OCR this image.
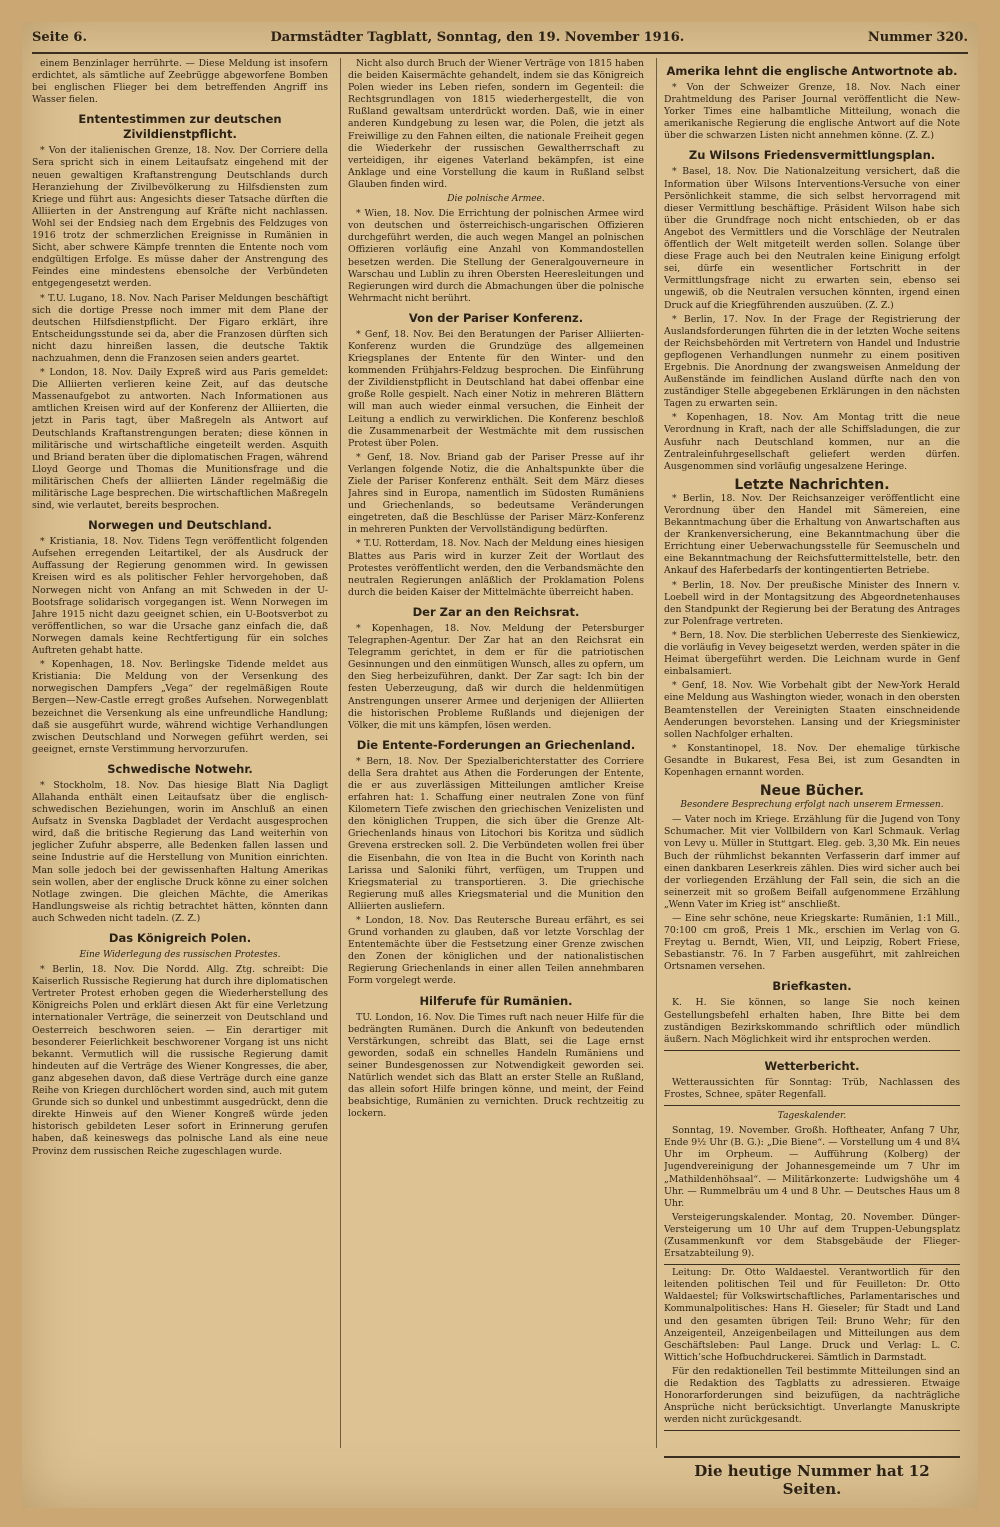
Seite 6.	Darmstädter Tagblatt, Sonntag, den 19. November 1916.	Nummer 320.

einem Benzinlager herrührte. — Diese Meldung ist insofern erdichtet, als sämtliche auf Zeebrügge abgeworfene Bomben bei englischen Flieger bei dem betreffenden Angriff ins Wasser fielen.

Ententestimmen zur deutschen Zivildienstpflicht.

* Von der italienischen Grenze, 18. Nov. Der Corriere della Sera spricht sich in einem Leitaufsatz eingehend mit der neuen gewaltigen Kraftanstrengung Deutschlands durch Heranziehung der Zivilbevölkerung zu Hilfsdiensten zum Kriege und führt aus: Angesichts dieser Tatsache dürften die Alliierten in der Anstrengung auf Kräfte nicht nachlassen. Wohl sei der Endsieg nach dem Ergebnis des Feldzuges von 1916 trotz der schmerzlichen Ereignisse in Rumänien in Sicht, aber schwere Kämpfe trennten die Entente noch vom endgültigen Erfolge. Es müsse daher der Anstrengung des Feindes eine mindestens ebensolche der Verbündeten entgegengesetzt werden.

* T.U. Lugano, 18. Nov. Nach Pariser Meldungen beschäftigt sich die dortige Presse noch immer mit dem Plane der deutschen Hilfsdienstpflicht. Der Figaro erklärt, ihre Entscheidungsstunde sei da, aber die Franzosen dürften sich nicht dazu hinreißen lassen, die deutsche Taktik nachzuahmen, denn die Franzosen seien anders geartet.

* London, 18. Nov. Daily Expreß wird aus Paris gemeldet: Die Alliierten verlieren keine Zeit, auf das deutsche Massenaufgebot zu antworten. Nach Informationen aus amtlichen Kreisen wird auf der Konferenz der Alliierten, die jetzt in Paris tagt, über Maßregeln als Antwort auf Deutschlands Kraftanstrengungen beraten; diese können in militärische und wirtschaftliche eingeteilt werden. Asquith und Briand beraten über die diplomatischen Fragen, während Lloyd George und Thomas die Munitionsfrage und die militärischen Chefs der alliierten Länder regelmäßig die militärische Lage besprechen. Die wirtschaftlichen Maßregeln sind, wie verlautet, bereits besprochen.

Norwegen und Deutschland.

* Kristiania, 18. Nov. Tidens Tegn veröffentlicht folgenden Aufsehen erregenden Leitartikel, der als Ausdruck der Auffassung der Regierung genommen wird. In gewissen Kreisen wird es als politischer Fehler hervorgehoben, daß Norwegen nicht von Anfang an mit Schweden in der U-Bootsfrage solidarisch vorgegangen ist. Wenn Norwegen im Jahre 1915 nicht dazu geeignet schien, ein U-Bootsverbot zu veröffentlichen, so war die Ursache ganz einfach die, daß Norwegen damals keine Rechtfertigung für ein solches Auftreten gehabt hatte.

* Kopenhagen, 18. Nov. Berlingske Tidende meldet aus Kristiania: Die Meldung von der Versenkung des norwegischen Dampfers „Vega“ der regelmäßigen Route Bergen—New-Castle erregt großes Aufsehen. Norwegenblatt bezeichnet die Versenkung als eine unfreundliche Handlung; daß sie ausgeführt wurde, während wichtige Verhandlungen zwischen Deutschland und Norwegen geführt werden, sei geeignet, ernste Verstimmung hervorzurufen.

Schwedische Notwehr.

* Stockholm, 18. Nov. Das hiesige Blatt Nia Dagligt Allahanda enthält einen Leitaufsatz über die englisch-schwedischen Beziehungen, worin im Anschluß an einen Aufsatz in Svenska Dagbladet der Verdacht ausgesprochen wird, daß die britische Regierung das Land weiterhin von jeglicher Zufuhr absperre, alle Bedenken fallen lassen und seine Industrie auf die Herstellung von Munition einrichten. Man solle jedoch bei der gewissenhaften Haltung Amerikas sein wollen, aber der englische Druck könne zu einer solchen Notlage zwingen. Die gleichen Mächte, die Amerikas Handlungsweise als richtig betrachtet hätten, könnten dann auch Schweden nicht tadeln. (Z. Z.)

Das Königreich Polen.
Eine Widerlegung des russischen Protestes.

* Berlin, 18. Nov. Die Nordd. Allg. Ztg. schreibt: Die Kaiserlich Russische Regierung hat durch ihre diplomatischen Vertreter Protest erhoben gegen die Wiederherstellung des Königreichs Polen und erklärt diesen Akt für eine Verletzung internationaler Verträge, die seinerzeit von Deutschland und Oesterreich beschworen seien. — Ein derartiger mit besonderer Feierlichkeit beschworener Vorgang ist uns nicht bekannt. Vermutlich will die russische Regierung damit hindeuten auf die Verträge des Wiener Kongresses, die aber, ganz abgesehen davon, daß diese Verträge durch eine ganze Reihe von Kriegen durchlöchert worden sind, auch mit gutem Grunde sich so dunkel und unbestimmt ausgedrückt, denn die direkte Hinweis auf den Wiener Kongreß würde jeden historisch gebildeten Leser sofort in Erinnerung gerufen haben, daß keineswegs das polnische Land als eine neue Provinz dem russischen Reiche zugeschlagen wurde.

Nicht also durch Bruch der Wiener Verträge von 1815 haben die beiden Kaisermächte gehandelt, indem sie das Königreich Polen wieder ins Leben riefen, sondern im Gegenteil: die Rechtsgrundlagen von 1815 wiederhergestellt, die von Rußland gewaltsam unterdrückt worden. Daß, wie in einer anderen Kundgebung zu lesen war, die Polen, die jetzt als Freiwillige zu den Fahnen eilten, die nationale Freiheit gegen die Wiederkehr der russischen Gewaltherrschaft zu verteidigen, ihr eigenes Vaterland bekämpfen, ist eine Anklage und eine Vorstellung die kaum in Rußland selbst Glauben finden wird.

Die polnische Armee.

* Wien, 18. Nov. Die Errichtung der polnischen Armee wird von deutschen und österreichisch-ungarischen Offizieren durchgeführt werden, die auch wegen Mangel an polnischen Offizieren vorläufig eine Anzahl von Kommandostellen besetzen werden. Die Stellung der Generalgouverneure in Warschau und Lublin zu ihren Obersten Heeresleitungen und Regierungen wird durch die Abmachungen über die polnische Wehrmacht nicht berührt.

Von der Pariser Konferenz.

* Genf, 18. Nov. Bei den Beratungen der Pariser Alliierten-Konferenz wurden die Grundzüge des allgemeinen Kriegsplanes der Entente für den Winter- und den kommenden Frühjahrs-Feldzug besprochen. Die Einführung der Zivildienstpflicht in Deutschland hat dabei offenbar eine große Rolle gespielt. Nach einer Notiz in mehreren Blättern will man auch wieder einmal versuchen, die Einheit der Leitung a endlich zu verwirklichen. Die Konferenz beschloß die Zusammenarbeit der Westmächte mit dem russischen Protest über Polen.

* Genf, 18. Nov. Briand gab der Pariser Presse auf ihr Verlangen folgende Notiz, die die Anhaltspunkte über die Ziele der Pariser Konferenz enthält. Seit dem März dieses Jahres sind in Europa, namentlich im Südosten Rumäniens und Griechenlands, so bedeutsame Veränderungen eingetreten, daß die Beschlüsse der Pariser März-Konferenz in mehreren Punkten der Vervollständigung bedürften.

* T.U. Rotterdam, 18. Nov. Nach der Meldung eines hiesigen Blattes aus Paris wird in kurzer Zeit der Wortlaut des Protestes veröffentlicht werden, den die Verbandsmächte den neutralen Regierungen anläßlich der Proklamation Polens durch die beiden Kaiser der Mittelmächte überreicht haben.

Der Zar an den Reichsrat.

* Kopenhagen, 18. Nov. Meldung der Petersburger Telegraphen-Agentur. Der Zar hat an den Reichsrat ein Telegramm gerichtet, in dem er für die patriotischen Gesinnungen und den einmütigen Wunsch, alles zu opfern, um den Sieg herbeizuführen, dankt. Der Zar sagt: Ich bin der festen Ueberzeugung, daß wir durch die heldenmütigen Anstrengungen unserer Armee und derjenigen der Alliierten die historischen Probleme Rußlands und diejenigen der Völker, die mit uns kämpfen, lösen werden.

Die Entente-Forderungen an Griechenland.

* Bern, 18. Nov. Der Spezialberichterstatter des Corriere della Sera drahtet aus Athen die Forderungen der Entente, die er aus zuverlässigen Mitteilungen amtlicher Kreise erfahren hat: 1. Schaffung einer neutralen Zone von fünf Kilometern Tiefe zwischen den griechischen Venizelisten und den königlichen Truppen, die sich über die Grenze Alt-Griechenlands hinaus von Litochori bis Koritza und südlich Grevena erstrecken soll. 2. Die Verbündeten wollen frei über die Eisenbahn, die von Itea in die Bucht von Korinth nach Larissa und Saloniki führt, verfügen, um Truppen und Kriegsmaterial zu transportieren. 3. Die griechische Regierung muß alles Kriegsmaterial und die Munition den Alliierten ausliefern.

* London, 18. Nov. Das Reutersche Bureau erfährt, es sei Grund vorhanden zu glauben, daß vor letzte Vorschlag der Ententemächte über die Festsetzung einer Grenze zwischen den Zonen der königlichen und der nationalistischen Regierung Griechenlands in einer allen Teilen annehmbaren Form vorgelegt werde.

Hilferufe für Rumänien.

TU. London, 16. Nov. Die Times ruft nach neuer Hilfe für die bedrängten Rumänen. Durch die Ankunft von bedeutenden Verstärkungen, schreibt das Blatt, sei die Lage ernst geworden, sodaß ein schnelles Handeln Rumäniens und seiner Bundesgenossen zur Notwendigkeit geworden sei. Natürlich wendet sich das Blatt an erster Stelle an Rußland, das allein sofort Hilfe bringen könne, und meint, der Feind beabsichtige, Rumänien zu vernichten. Druck rechtzeitig zu lockern.

Amerika lehnt die englische Antwortnote ab.

* Von der Schweizer Grenze, 18. Nov. Nach einer Drahtmeldung des Pariser Journal veröffentlicht die New-Yorker Times eine halbamtliche Mitteilung, wonach die amerikanische Regierung die englische Antwort auf die Note über die schwarzen Listen nicht annehmen könne. (Z. Z.)

Zu Wilsons Friedensvermittlungsplan.

* Basel, 18. Nov. Die Nationalzeitung versichert, daß die Information über Wilsons Interventions-Versuche von einer Persönlichkeit stamme, die sich selbst hervorragend mit dieser Vermittlung beschäftige. Präsident Wilson habe sich über die Grundfrage noch nicht entschieden, ob er das Angebot des Vermittlers und die Vorschläge der Neutralen öffentlich der Welt mitgeteilt werden sollen. Solange über diese Frage auch bei den Neutralen keine Einigung erfolgt sei, dürfe ein wesentlicher Fortschritt in der Vermittlungsfrage nicht zu erwarten sein, ebenso sei ungewiß, ob die Neutralen versuchen könnten, irgend einen Druck auf die Kriegführenden auszuüben. (Z. Z.)

* Berlin, 17. Nov. In der Frage der Registrierung der Auslandsforderungen führten die in der letzten Woche seitens der Reichsbehörden mit Vertretern von Handel und Industrie gepflogenen Verhandlungen nunmehr zu einem positiven Ergebnis. Die Anordnung der zwangsweisen Anmeldung der Außenstände im feindlichen Ausland dürfte nach den von zuständiger Stelle abgegebenen Erklärungen in den nächsten Tagen zu erwarten sein.

* Kopenhagen, 18. Nov. Am Montag tritt die neue Verordnung in Kraft, nach der alle Schiffsladungen, die zur Ausfuhr nach Deutschland kommen, nur an die Zentraleinfuhrgesellschaft geliefert werden dürfen. Ausgenommen sind vorläufig ungesalzene Heringe.

Letzte Nachrichten.

* Berlin, 18. Nov. Der Reichsanzeiger veröffentlicht eine Verordnung über den Handel mit Sämereien, eine Bekanntmachung über die Erhaltung von Anwartschaften aus der Krankenversicherung, eine Bekanntmachung über die Errichtung einer Ueberwachungsstelle für Seemuscheln und eine Bekanntmachung der Reichsfuttermittelstelle, betr. den Ankauf des Haferbedarfs der kontingentierten Betriebe.

* Berlin, 18. Nov. Der preußische Minister des Innern v. Loebell wird in der Montagsitzung des Abgeordnetenhauses den Standpunkt der Regierung bei der Beratung des Antrages zur Polenfrage vertreten.

* Bern, 18. Nov. Die sterblichen Ueberreste des Sienkiewicz, die vorläufig in Vevey beigesetzt werden, werden später in die Heimat übergeführt werden. Die Leichnam wurde in Genf einbalsamiert.

* Genf, 18. Nov. Wie Vorbehalt gibt der New-York Herald eine Meldung aus Washington wieder, wonach in den obersten Beamtenstellen der Vereinigten Staaten einschneidende Aenderungen bevorstehen. Lansing und der Kriegsminister sollen Nachfolger erhalten.

* Konstantinopel, 18. Nov. Der ehemalige türkische Gesandte in Bukarest, Fesa Bei, ist zum Gesandten in Kopenhagen ernannt worden.

Neue Bücher.
Besondere Besprechung erfolgt nach unserem Ermessen.

— Vater noch im Kriege. Erzählung für die Jugend von Tony Schumacher. Mit vier Vollbildern von Karl Schmauk. Verlag von Levy u. Müller in Stuttgart. Eleg. geb. 3,30 Mk. Ein neues Buch der rühmlichst bekannten Verfasserin darf immer auf einen dankbaren Leserkreis zählen. Dies wird sicher auch bei der vorliegenden Erzählung der Fall sein, die sich an die seinerzeit mit so großem Beifall aufgenommene Erzählung „Wenn Vater im Krieg ist“ anschließt.

— Eine sehr schöne, neue Kriegskarte: Rumänien, 1:1 Mill., 70:100 cm groß, Preis 1 Mk., erschien im Verlag von G. Freytag u. Berndt, Wien, VII, und Leipzig, Robert Friese, Sebastianstr. 76. In 7 Farben ausgeführt, mit zahlreichen Ortsnamen versehen.

Briefkasten.

K. H. Sie können, so lange Sie noch keinen Gestellungsbefehl erhalten haben, Ihre Bitte bei dem zuständigen Bezirkskommando schriftlich oder mündlich äußern. Nach Möglichkeit wird ihr entsprochen werden.

Wetterbericht.

Wetteraussichten für Sonntag: Trüb, Nachlassen des Frostes, Schnee, später Regenfall.

Tageskalender.

Sonntag, 19. November. Großh. Hoftheater, Anfang 7 Uhr, Ende 9½ Uhr (B. G.): „Die Biene“. — Vorstellung um 4 und 8¼ Uhr im Orpheum. — Aufführung (Kolberg) der Jugendvereinigung der Johannesgemeinde um 7 Uhr im „Mathildenhöhsaal“. — Militärkonzerte: Ludwigshöhe um 4 Uhr. — Rummelbräu um 4 und 8 Uhr. — Deutsches Haus um 8 Uhr.

Versteigerungskalender. Montag, 20. November. Dünger-Versteigerung um 10 Uhr auf dem Truppen-Uebungsplatz (Zusammenkunft vor dem Stabsgebäude der Flieger-Ersatzabteilung 9).

Leitung: Dr. Otto Waldaestel. Verantwortlich für den leitenden politischen Teil und für Feuilleton: Dr. Otto Waldaestel; für Volkswirtschaftliches, Parlamentarisches und Kommunalpolitisches: Hans H. Gieseler; für Stadt und Land und den gesamten übrigen Teil: Bruno Wehr; für den Anzeigenteil, Anzeigenbeilagen und Mitteilungen aus dem Geschäftsleben: Paul Lange. Druck und Verlag: L. C. Wittich’sche Hofbuchdruckerei. Sämtlich in Darmstadt.

Für den redaktionellen Teil bestimmte Mitteilungen sind an die Redaktion des Tagblatts zu adressieren. Etwaige Honorarforderungen sind beizufügen, da nachträgliche Ansprüche nicht berücksichtigt. Unverlangte Manuskripte werden nicht zurückgesandt.

Die heutige Nummer hat 12 Seiten.
